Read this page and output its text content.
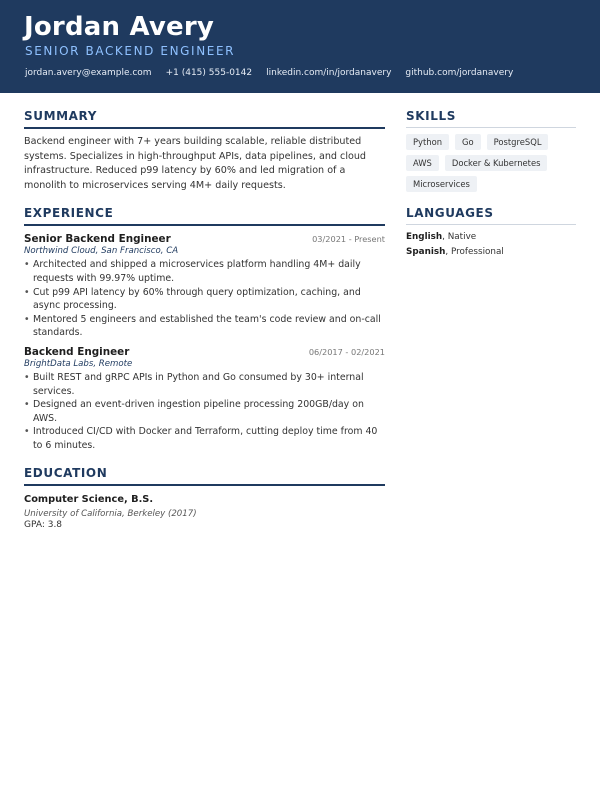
Jordan Avery
SENIOR BACKEND ENGINEER
jordan.avery@example.com +1 (415) 555-0142 linkedin.com/in/jordanavery github.com/jordanavery
SUMMARY

Backend engineer with 7+ years building scalable, reliable distributed systems. Specializes in high-throughput APIs, data pipelines, and cloud infrastructure. Reduced p99 latency by 60% and led migration of a monolith to microservices serving 4M+ daily requests.

EXPERIENCE
Senior Backend Engineer	03/2021 - Present
Northwind Cloud, San Francisco, CA
• Architected and shipped a microservices platform handling 4M+ daily requests with 99.97% uptime.
• Cut p99 API latency by 60% through query optimization, caching, and async processing.
• Mentored 5 engineers and established the team's code review and on-call standards.
Backend Engineer	06/2017 - 02/2021
BrightData Labs, Remote
• Built REST and gRPC APIs in Python and Go consumed by 30+ internal services.
• Designed an event-driven ingestion pipeline processing 200GB/day on AWS.
• Introduced CI/CD with Docker and Terraform, cutting deploy time from 40 to 6 minutes.
EDUCATION
Computer Science, B.S.
University of California, Berkeley (2017)
GPA: 3.8
SKILLS
Python	Go	PostgreSQL
AWS	Docker & Kubernetes
Microservices
LANGUAGES
English, Native
Spanish, Professional
